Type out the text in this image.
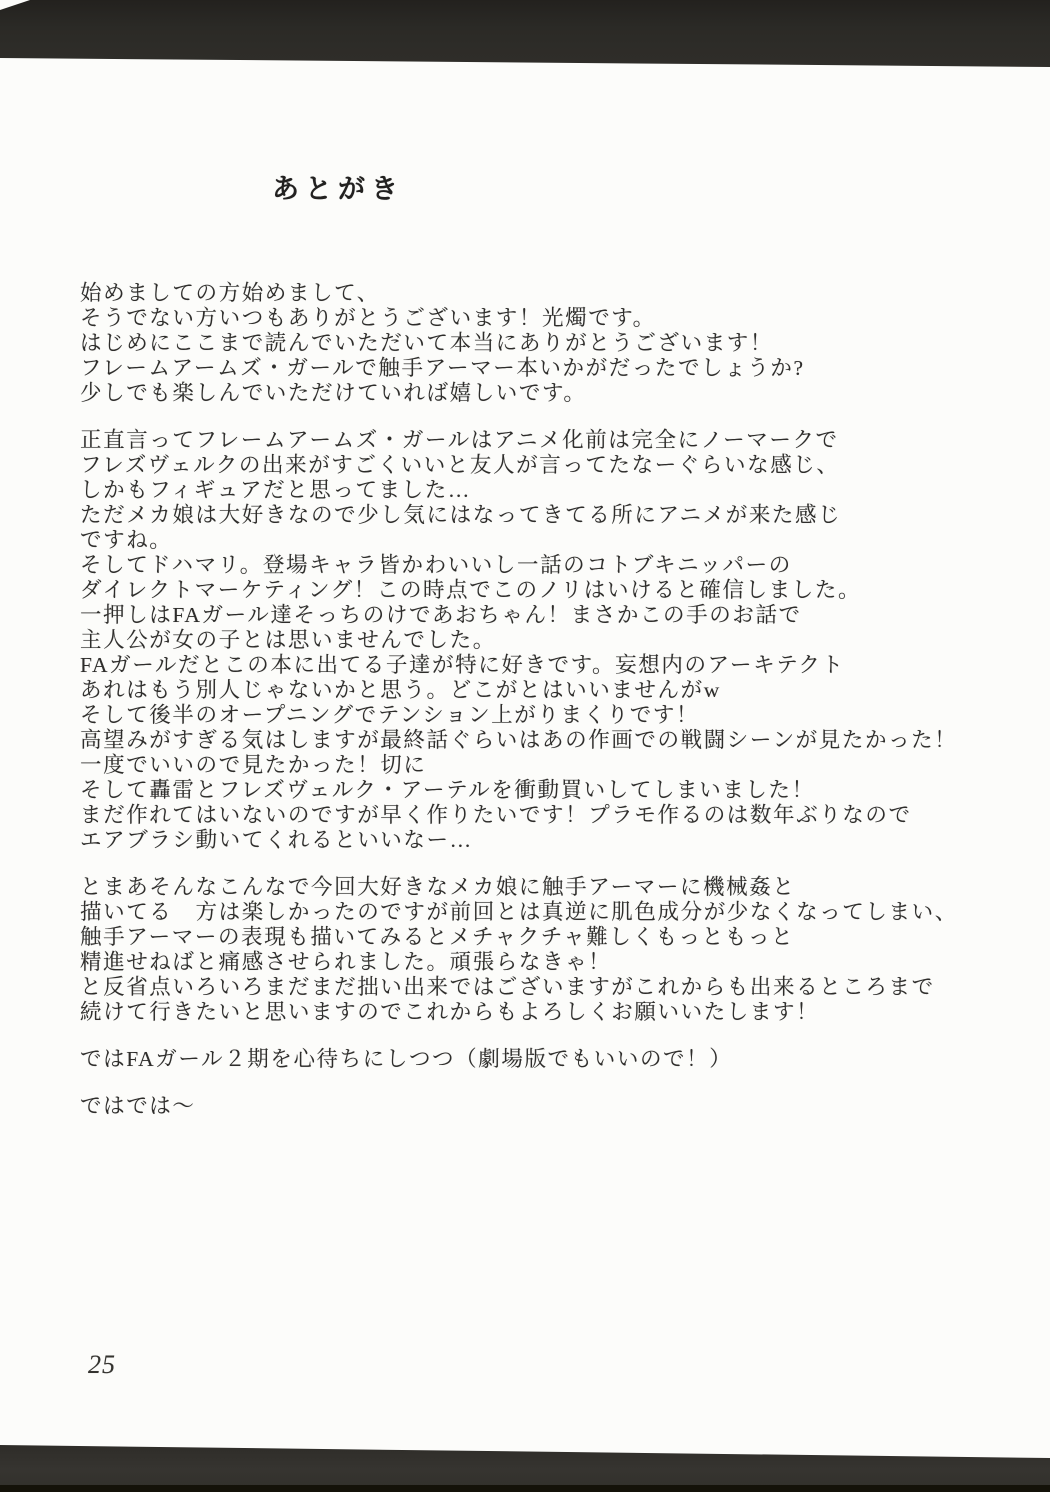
あとがき
始めましての方始めまして、
そうでない方いつもありがとうございます！光燭です。
はじめにここまで読んでいただいて本当にありがとうございます！
フレームアームズ・ガールで触手アーマー本いかがだったでしょうか?
少しでも楽しんでいただけていれば嬉しいです。
正直言ってフレームアームズ・ガールはアニメ化前は完全にノーマークで
フレズヴェルクの出来がすごくいいと友人が言ってたなーぐらいな感じ、
しかもフィギュアだと思ってました…
ただメカ娘は大好きなので少し気にはなってきてる所にアニメが来た感じ
ですね。
そしてドハマリ。登場キャラ皆かわいいし一話のコトブキニッパーの
ダイレクトマーケティング！この時点でこのノリはいけると確信しました。
一押しはFAガール達そっちのけであおちゃん！まさかこの手のお話で
主人公が女の子とは思いませんでした。
FAガールだとこの本に出てる子達が特に好きです。妄想内のアーキテクト
あれはもう別人じゃないかと思う。どこがとはいいませんがw
そして後半のオープニングでテンション上がりまくりです！
高望みがすぎる気はしますが最終話ぐらいはあの作画での戦闘シーンが見たかった！
一度でいいので見たかった！切に
そして轟雷とフレズヴェルク・アーテルを衝動買いしてしまいました！
まだ作れてはいないのですが早く作りたいです！プラモ作るのは数年ぶりなので
エアブラシ動いてくれるといいなー…
とまあそんなこんなで今回大好きなメカ娘に触手アーマーに機械姦と
描いてる　方は楽しかったのですが前回とは真逆に肌色成分が少なくなってしまい、
触手アーマーの表現も描いてみるとメチャクチャ難しくもっともっと
精進せねばと痛感させられました。頑張らなきゃ！
と反省点いろいろまだまだ拙い出来ではございますがこれからも出来るところまで
続けて行きたいと思いますのでこれからもよろしくお願いいたします！
ではFAガール２期を心待ちにしつつ（劇場版でもいいので！）
ではでは～
25
